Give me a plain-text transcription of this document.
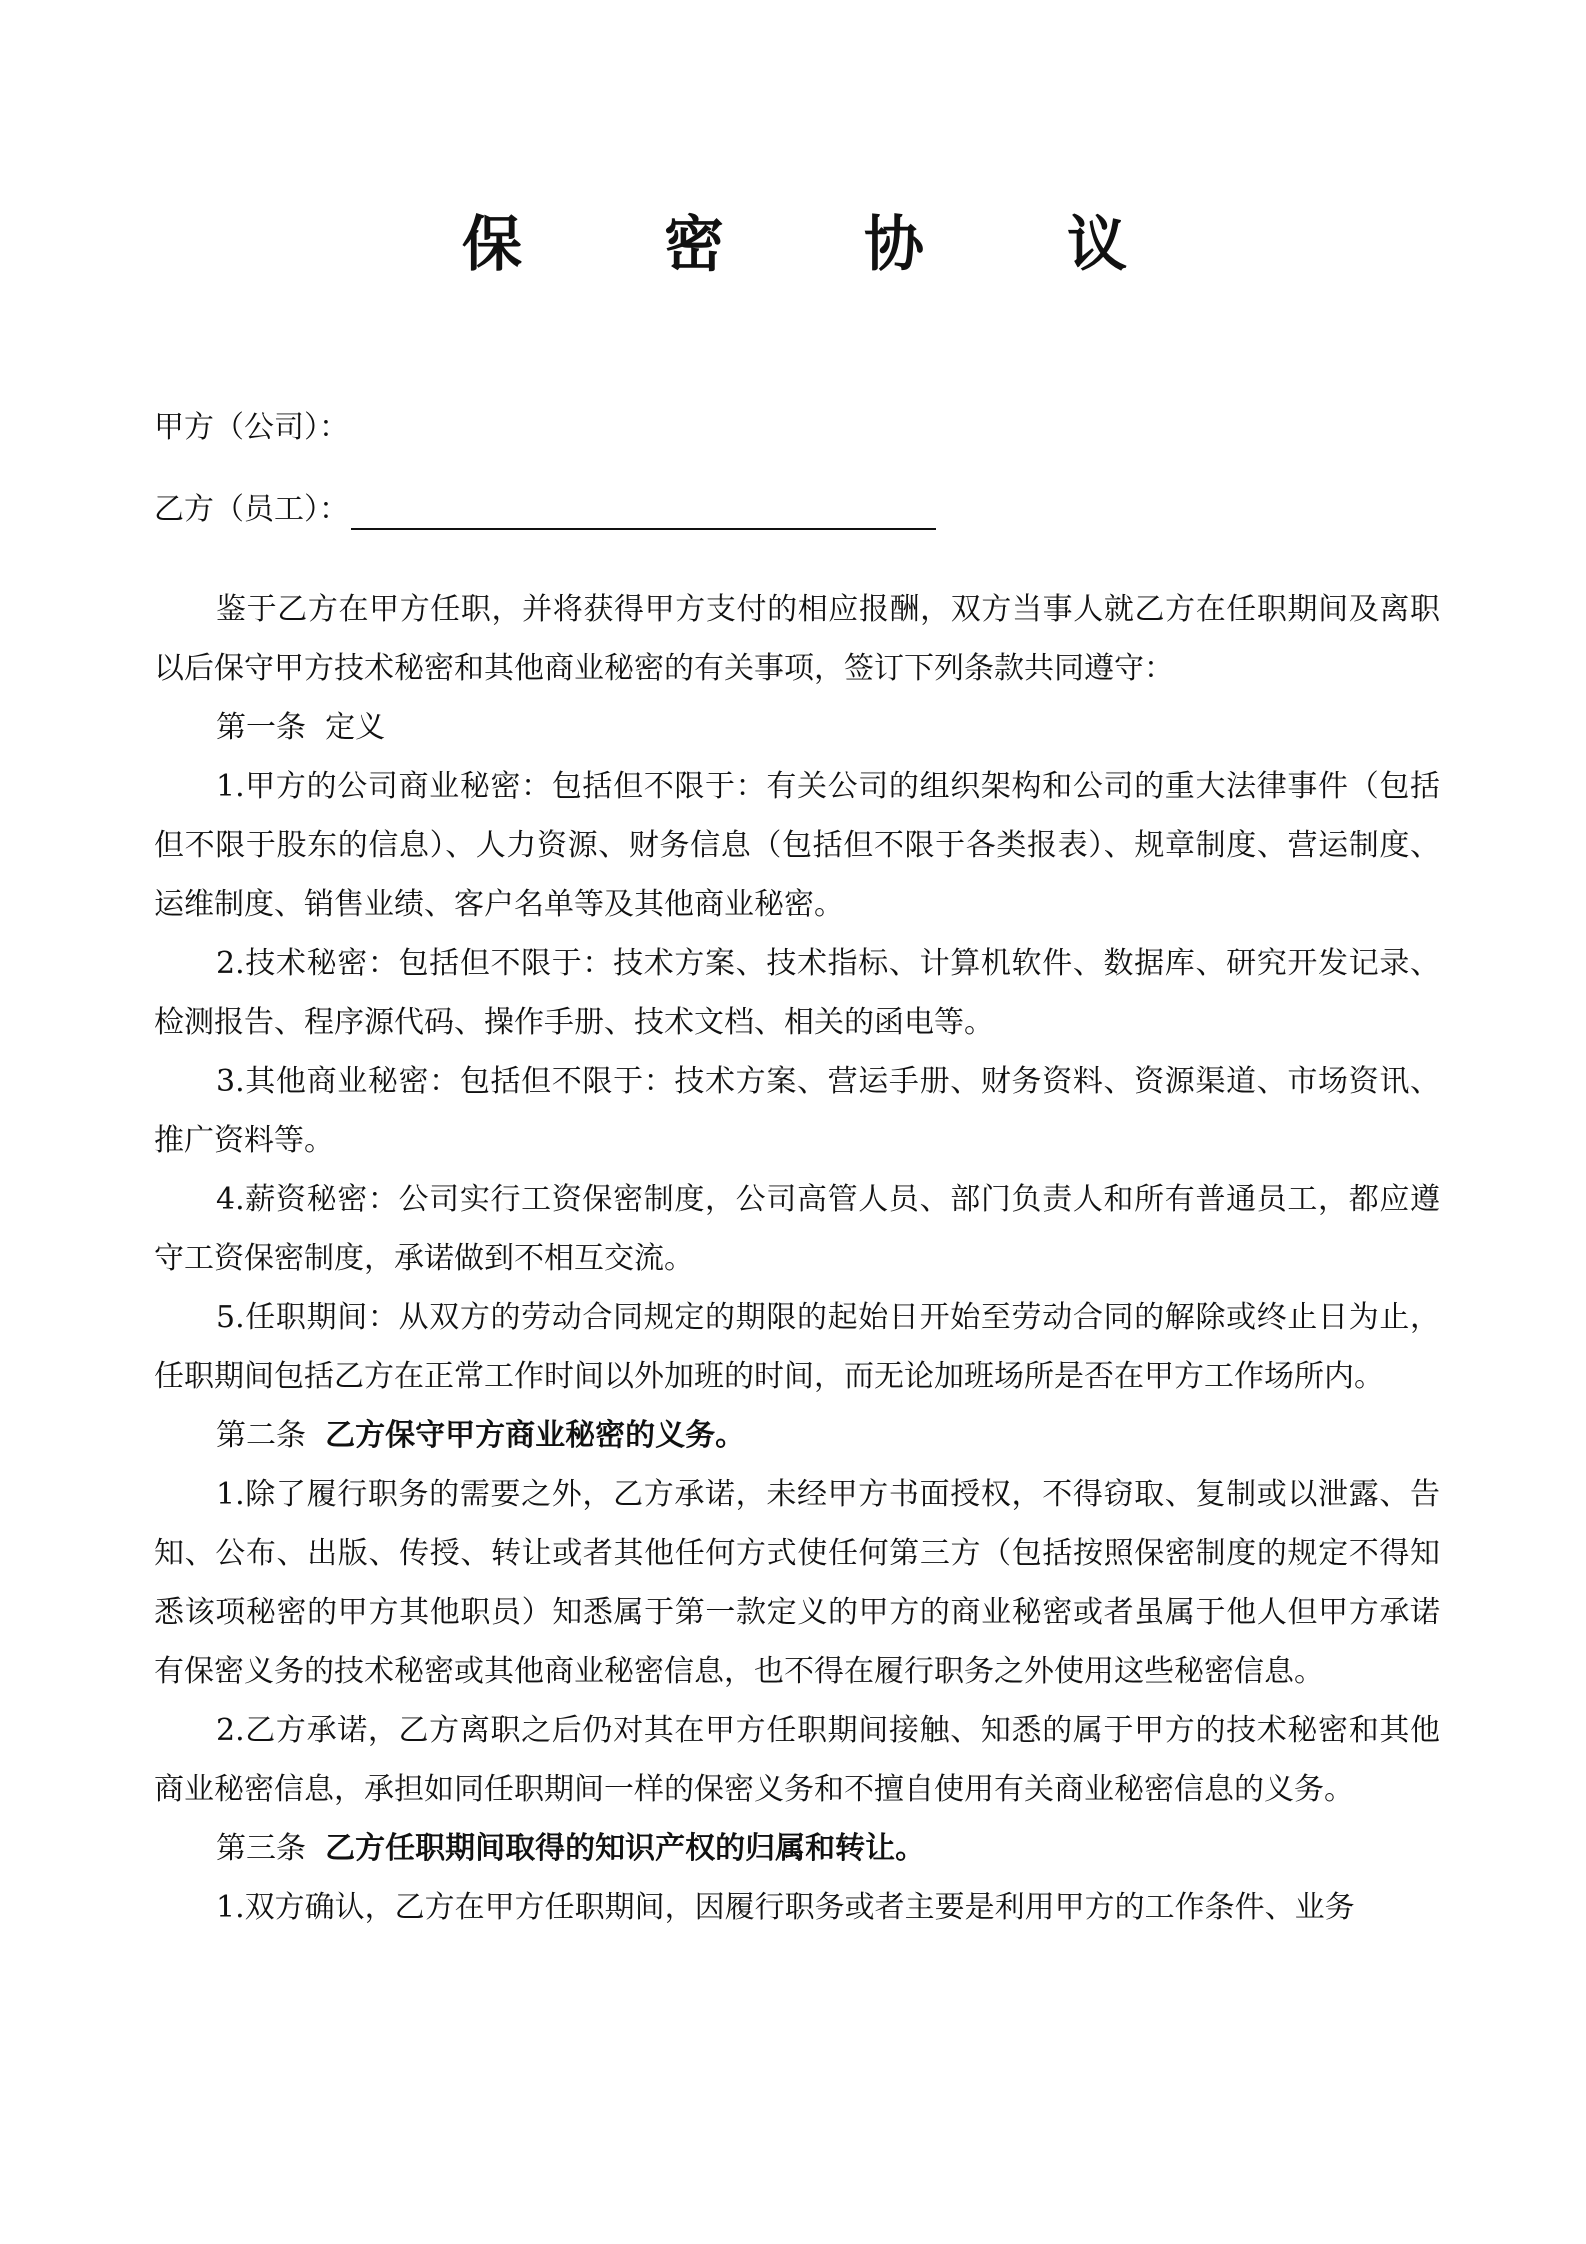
保 密 协 议
甲方（公司）：
乙方（员工）：

鉴于乙方在甲方任职，并将获得甲方支付的相应报酬，双方当事人就乙方在任职期间及离职以后保守甲方技术秘密和其他商业秘密的有关事项，签订下列条款共同遵守：

第一条 定义

1.甲方的公司商业秘密：包括但不限于：有关公司的组织架构和公司的重大法律事件（包括但不限于股东的信息）、人力资源、财务信息（包括但不限于各类报表）、规章制度、营运制度、运维制度、销售业绩、客户名单等及其他商业秘密。

2.技术秘密：包括但不限于：技术方案、技术指标、计算机软件、数据库、研究开发记录、检测报告、程序源代码、操作手册、技术文档、相关的函电等。

3.其他商业秘密：包括但不限于：技术方案、营运手册、财务资料、资源渠道、市场资讯、推广资料等。

4.薪资秘密：公司实行工资保密制度，公司高管人员、部门负责人和所有普通员工，都应遵守工资保密制度，承诺做到不相互交流。

5.任职期间：从双方的劳动合同规定的期限的起始日开始至劳动合同的解除或终止日为止，任职期间包括乙方在正常工作时间以外加班的时间，而无论加班场所是否在甲方工作场所内。

第二条 乙方保守甲方商业秘密的义务。

1.除了履行职务的需要之外，乙方承诺，未经甲方书面授权，不得窃取、复制或以泄露、告知、公布、出版、传授、转让或者其他任何方式使任何第三方（包括按照保密制度的规定不得知悉该项秘密的甲方其他职员）知悉属于第一款定义的甲方的商业秘密或者虽属于他人但甲方承诺有保密义务的技术秘密或其他商业秘密信息，也不得在履行职务之外使用这些秘密信息。

2.乙方承诺，乙方离职之后仍对其在甲方任职期间接触、知悉的属于甲方的技术秘密和其他商业秘密信息，承担如同任职期间一样的保密义务和不擅自使用有关商业秘密信息的义务。

第三条 乙方任职期间取得的知识产权的归属和转让。

1.双方确认，乙方在甲方任职期间，因履行职务或者主要是利用甲方的工作条件、业务
